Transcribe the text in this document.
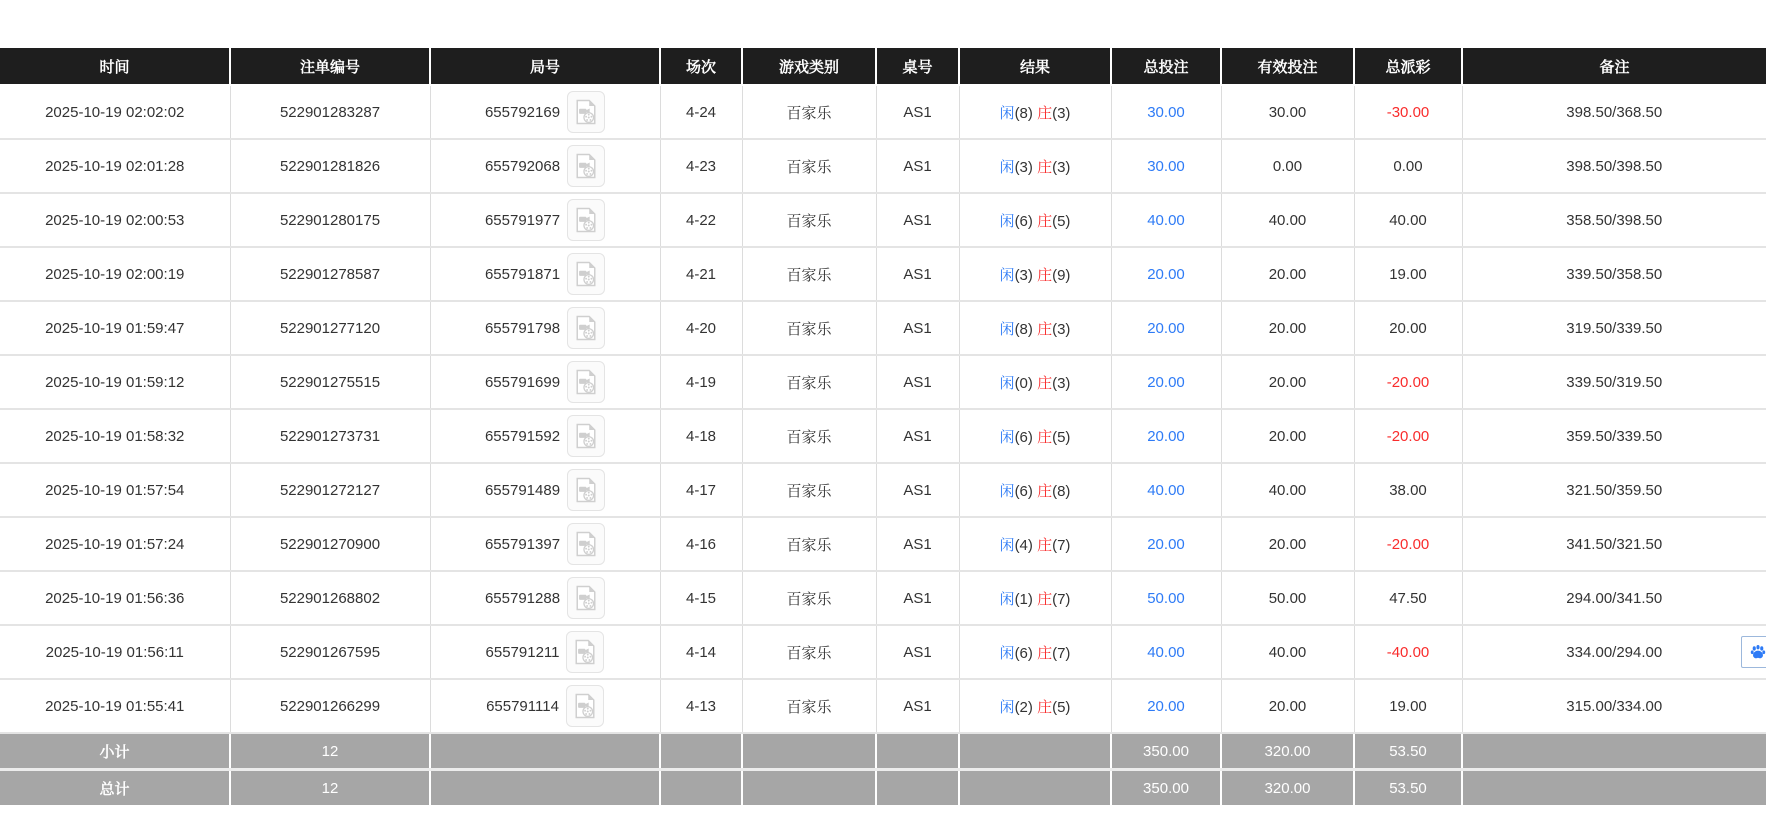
时间	注单编号	局号	场次	游戏类别	桌号	结果	总投注	有效投注	总派彩	备注
2025-10-19 02:02:02	522901283287	655792169	4-24	百家乐	AS1	闲(8) 庄(3)	30.00	30.00	-30.00	398.50/368.50
2025-10-19 02:01:28	522901281826	655792068	4-23	百家乐	AS1	闲(3) 庄(3)	30.00	0.00	0.00	398.50/398.50
2025-10-19 02:00:53	522901280175	655791977	4-22	百家乐	AS1	闲(6) 庄(5)	40.00	40.00	40.00	358.50/398.50
2025-10-19 02:00:19	522901278587	655791871	4-21	百家乐	AS1	闲(3) 庄(9)	20.00	20.00	19.00	339.50/358.50
2025-10-19 01:59:47	522901277120	655791798	4-20	百家乐	AS1	闲(8) 庄(3)	20.00	20.00	20.00	319.50/339.50
2025-10-19 01:59:12	522901275515	655791699	4-19	百家乐	AS1	闲(0) 庄(3)	20.00	20.00	-20.00	339.50/319.50
2025-10-19 01:58:32	522901273731	655791592	4-18	百家乐	AS1	闲(6) 庄(5)	20.00	20.00	-20.00	359.50/339.50
2025-10-19 01:57:54	522901272127	655791489	4-17	百家乐	AS1	闲(6) 庄(8)	40.00	40.00	38.00	321.50/359.50
2025-10-19 01:57:24	522901270900	655791397	4-16	百家乐	AS1	闲(4) 庄(7)	20.00	20.00	-20.00	341.50/321.50
2025-10-19 01:56:36	522901268802	655791288	4-15	百家乐	AS1	闲(1) 庄(7)	50.00	50.00	47.50	294.00/341.50
2025-10-19 01:56:11	522901267595	655791211	4-14	百家乐	AS1	闲(6) 庄(7)	40.00	40.00	-40.00	334.00/294.00
2025-10-19 01:55:41	522901266299	655791114	4-13	百家乐	AS1	闲(2) 庄(5)	20.00	20.00	19.00	315.00/334.00
小计	12						350.00	320.00	53.50	
总计	12						350.00	320.00	53.50	
